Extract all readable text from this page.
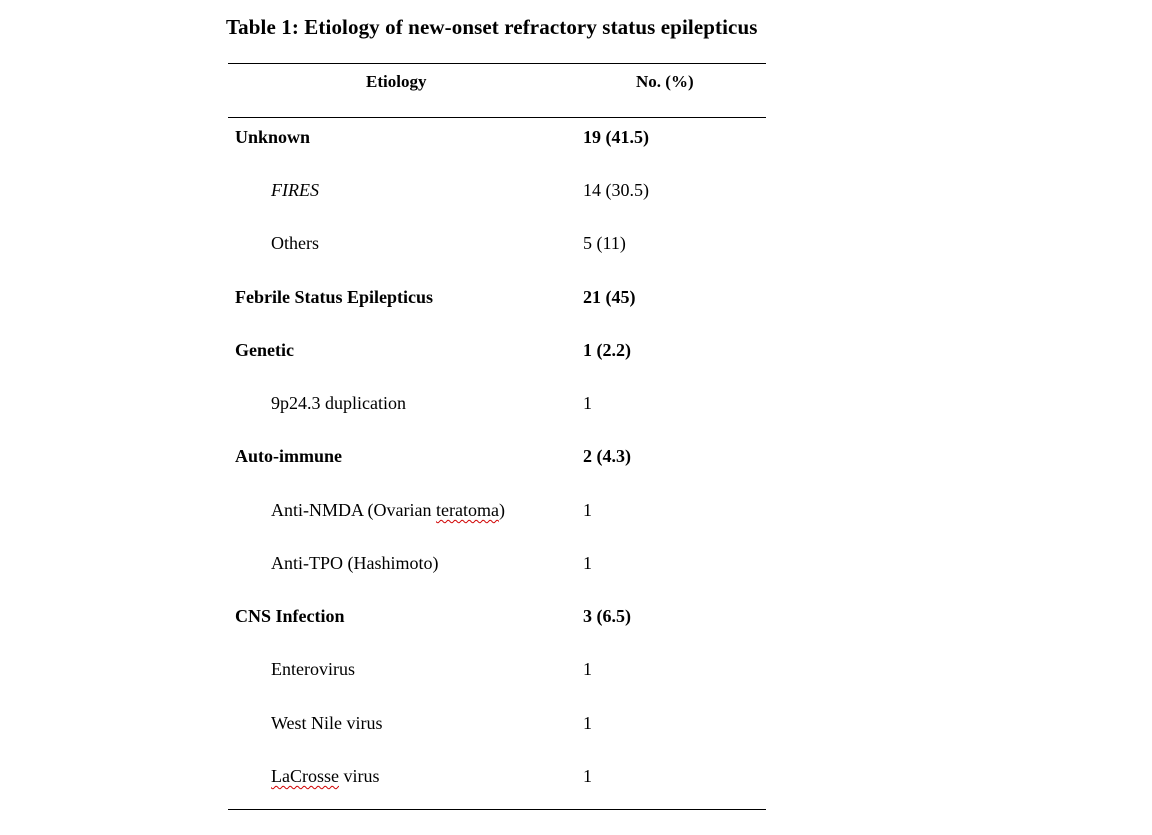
Table 1: Etiology of new-onset refractory status epilepticus
Etiology	No. (%)
Unknown	19 (41.5)
FIRES	14 (30.5)
Others	5 (11)
Febrile Status Epilepticus	21 (45)
Genetic	1 (2.2)
9p24.3 duplication	1
Auto-immune	2 (4.3)
Anti-NMDA (Ovarian teratoma)	1
Anti-TPO (Hashimoto)	1
CNS Infection	3 (6.5)
Enterovirus	1
West Nile virus	1
LaCrosse virus	1
